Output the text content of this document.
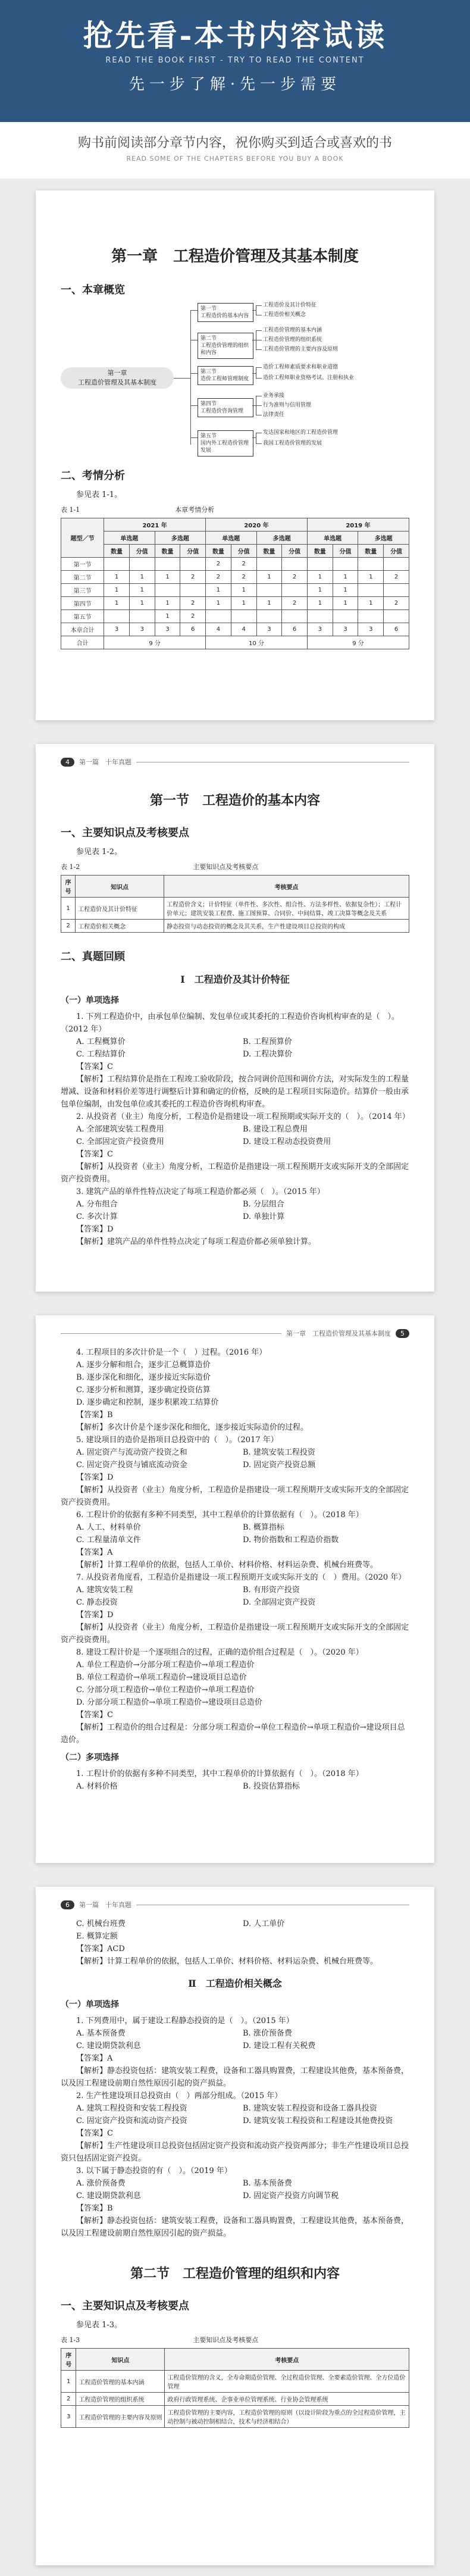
抢先看-本书内容试读
READ THE BOOK FIRST - TRY TO READ THE CONTENT
先一步了解·先一步需要
购书前阅读部分章节内容，祝你购买到适合或喜欢的书
READ SOME OF THE CHAPTERS BEFORE YOU BUY A BOOK
第一章　工程造价管理及其基本制度
一、本章概览
第一章
工程造价管理及其基本制度
第一节
工程造价的基本内容
工程造价及其计价特征
工程造价相关概念
第二节
工程造价管理的组织和内容
工程造价管理的基本内涵
工程造价管理的组织系统
工程造价管理的主要内容及原则
第三节
造价工程师管理制度
造价工程师素质要求和职业道德
造价工程师职业资格考试、注册和执业
第四节
工程造价咨询管理
业务承接
行为准则与信用管理
法律责任
第五节
国内外工程造价管理发展
发达国家和地区的工程造价管理
我国工程造价管理的发展
二、考情分析
参见表 1-1。
表 1-1	本章考情分析
题型／节	2021 年				2020 年				2019 年			
	单选题		多选题		单选题		多选题		单选题		多选题	
	数量	分值	数量	分值	数量	分值	数量	分值	数量	分值	数量	分值
第一节					2	2						
第二节	1	1	1	2	2	2	1	2	1	1	1	2
第三节	1	1			1	1			1	1		
第四节	1	1	1	2	1	1	1	2	1	1	1	2
第五节			1	2								
本章合计	3	3	3	6	4	4	3	6	3	3	3	6
合计	9 分				10 分				9 分			
4	第一篇　十年真题
第一节　工程造价的基本内容
一、主要知识点及考核要点
参见表 1-2。
表 1-2	主要知识点及考核要点
序号	知识点	考核要点
1	工程造价及其计价特征	工程造价含义；计价特征（单件性、多次性、组合性、方法多样性、依据复杂性）；工程计价单元；建筑安装工程费、施工图预算、合同价、中间结算、竣工决算等概念及关系
2	工程造价相关概念	静态投资与动态投资的概念及其关系，生产性建设项目总投资的构成
二、真题回顾
Ⅰ　工程造价及其计价特征
（一）单项选择
1. 下列工程造价中，由承包单位编制、发包单位或其委托的工程造价咨询机构审查的是（　）。（2012 年）
A. 工程概算价	B. 工程预算价
C. 工程结算价	D. 工程决算价
【答案】C
【解析】工程结算价是指在工程竣工验收阶段，按合同调价范围和调价方法，对实际发生的工程量增减、设备和材料价差等进行调整后计算和确定的价格，反映的是工程项目实际造价。结算价一般由承包单位编制，由发包单位或其委托的工程造价咨询机构审查。
2. 从投资者（业主）角度分析，工程造价是指建设一项工程预期或实际开支的（　）。（2014 年）
A. 全部建筑安装工程费用	B. 建设工程总费用
C. 全部固定资产投资费用	D. 建设工程动态投资费用
【答案】C
【解析】从投资者（业主）角度分析，工程造价是指建设一项工程预期开支或实际开支的全部固定资产投资费用。
3. 建筑产品的单件性特点决定了每项工程造价都必须（　）。（2015 年）
A. 分布组合	B. 分层组合
C. 多次计算	D. 单独计算
【答案】D
【解析】建筑产品的单件性特点决定了每项工程造价都必须单独计算。
第一章　工程造价管理及其基本制度	5
4. 工程项目的多次计价是一个（　）过程。（2016 年）
A. 逐步分解和组合，逐步汇总概算造价
B. 逐步深化和细化，逐步接近实际造价
C. 逐步分析和测算，逐步确定投资估算
D. 逐步确定和控制，逐步积累竣工结算价
【答案】B
【解析】多次计价是个逐步深化和细化，逐步接近实际造价的过程。
5. 建设项目的造价是指项目总投资中的（　）。（2017 年）
A. 固定资产与流动资产投资之和	B. 建筑安装工程投资
C. 固定资产投资与铺底流动资金	D. 固定资产投资总额
【答案】D
【解析】从投资者（业主）角度分析，工程造价是指建设一项工程预期开支或实际开支的全部固定资产投资费用。
6. 工程计价的依据有多种不同类型，其中工程单价的计算依据有（　）。（2018 年）
A. 人工、材料单价	B. 概算指标
C. 工程量清单文件	D. 物价指数和工程造价指数
【答案】A
【解析】计算工程单价的依据，包括人工单价、材料价格、材料运杂费、机械台班费等。
7. 从投资者角度看，工程造价是指建设一项工程预期开支或实际开支的（　）费用。（2020 年）
A. 建筑安装工程	B. 有形资产投资
C. 静态投资	D. 全部固定资产投资
【答案】D
【解析】从投资者（业主）角度分析，工程造价是指建设一项工程预期开支或实际开支的全部固定资产投资费用。
8. 建设工程计价是一个逐项组合的过程，正确的造价组合过程是（　）。（2020 年）
A. 单位工程造价→分部分项工程造价→单项工程造价
B. 单位工程造价→单项工程造价→建设项目总造价
C. 分部分项工程造价→单位工程造价→单项工程造价
D. 分部分项工程造价→单项工程造价→建设项目总造价
【答案】C
【解析】工程造价的组合过程是：分部分项工程造价→单位工程造价→单项工程造价→建设项目总造价。
（二）多项选择
1. 工程计价的依据有多种不同类型，其中工程单价的计算依据有（　）。（2018 年）
A. 材料价格	B. 投资估算指标
6	第一篇　十年真题
C. 机械台班费	D. 人工单价
E. 概算定额
【答案】ACD
【解析】计算工程单价的依据，包括人工单价、材料价格、材料运杂费、机械台班费等。
Ⅱ　工程造价相关概念
（一）单项选择
1. 下列费用中，属于建设工程静态投资的是（　）。（2015 年）
A. 基本预备费	B. 涨价预备费
C. 建设期贷款利息	D. 建设工程有关税费
【答案】A
【解析】静态投资包括：建筑安装工程费，设备和工器具购置费，工程建设其他费，基本预备费，以及因工程建设前期自然性原因引起的资产损益。
2. 生产性建设项目总投资由（　）两部分组成。（2015 年）
A. 建筑工程投资和安装工程投资	B. 建筑安装工程投资和设备工器具投资
C. 固定资产投资和流动资产投资	D. 建筑安装工程投资和工程建设其他费投资
【答案】C
【解析】生产性建设项目总投资包括固定资产投资和流动资产投资两部分；非生产性建设项目总投资只包括固定资产投资。
3. 以下属于静态投资的有（　）。（2019 年）
A. 涨价预备费	B. 基本预备费
C. 建设期贷款利息	D. 固定资产投资方向调节税
【答案】B
【解析】静态投资包括：建筑安装工程费，设备和工器具购置费，工程建设其他费，基本预备费，以及因工程建设前期自然性原因引起的资产损益。
第二节　工程造价管理的组织和内容
一、主要知识点及考核要点
参见表 1-3。
表 1-3	主要知识点及考核要点
序号	知识点	考核要点
1	工程造价管理的基本内涵	工程造价管理的含义，全寿命期造价管理、全过程造价管理、全要素造价管理、全方位造价管理
2	工程造价管理的组织系统	政府行政管理系统、企事业单位管理系统、行业协会管理系统
3	工程造价管理的主要内容及原则	工程造价管理的主要内容，工程造价管理的原则（以设计阶段为重点的全过程造价管理，主动控制与被动控制相结合，技术与经济相结合）
